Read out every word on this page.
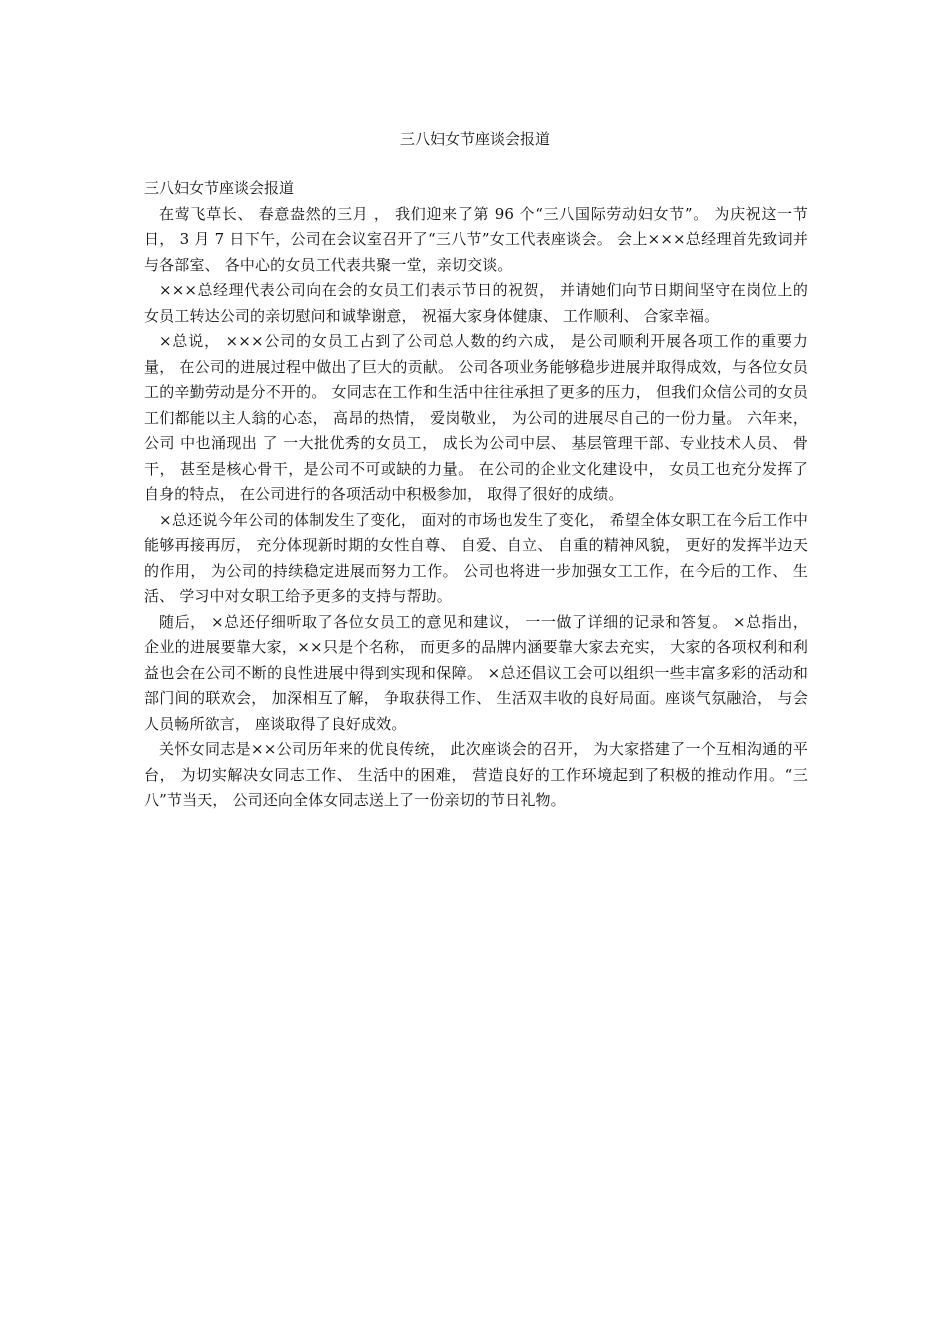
三八妇女节座谈会报道
三八妇女节座谈会报道

在莺飞草长、 春意盎然的三月 ， 我们迎来了第 96 个“三八国际劳动妇女节”。 为庆祝这一节日， 3 月 7 日下午，公司在会议室召开了“三八节”女工代表座谈会。 会上×××总经理首先致词并与各部室、 各中心的女员工代表共聚一堂，亲切交谈。

×××总经理代表公司向在会的女员工们表示节日的祝贺， 并请她们向节日期间坚守在岗位上的女员工转达公司的亲切慰问和诚挚谢意， 祝福大家身体健康、 工作顺利、 合家幸福。

×总说， ×××公司的女员工占到了公司总人数的约六成， 是公司顺利开展各项工作的重要力量， 在公司的进展过程中做出了巨大的贡献。 公司各项业务能够稳步进展并取得成效，与各位女员工的辛勤劳动是分不开的。 女同志在工作和生活中往往承担了更多的压力， 但我们众信公司的女员工们都能以主人翁的心态， 高昂的热情， 爱岗敬业， 为公司的进展尽自己的一份力量。 六年来，公司 中也涌现出 了 一大批优秀的女员工， 成长为公司中层、 基层管理干部、专业技术人员、 骨干， 甚至是核心骨干，是公司不可或缺的力量。 在公司的企业文化建设中， 女员工也充分发挥了自身的特点， 在公司进行的各项活动中积极参加， 取得了很好的成绩。

×总还说今年公司的体制发生了变化， 面对的市场也发生了变化， 希望全体女职工在今后工作中能够再接再厉， 充分体现新时期的女性自尊、 自爱、自立、 自重的精神风貌， 更好的发挥半边天的作用， 为公司的持续稳定进展而努力工作。 公司也将进一步加强女工工作，在今后的工作、 生活、 学习中对女职工给予更多的支持与帮助。

随后， ×总还仔细听取了各位女员工的意见和建议， 一一做了详细的记录和答复。 ×总指出， 企业的进展要靠大家，××只是个名称， 而更多的品牌内涵要靠大家去充实， 大家的各项权利和利益也会在公司不断的良性进展中得到实现和保障。 ×总还倡议工会可以组织一些丰富多彩的活动和部门间的联欢会， 加深相互了解， 争取获得工作、 生活双丰收的良好局面。座谈气氛融洽， 与会人员畅所欲言， 座谈取得了良好成效。

关怀女同志是××公司历年来的优良传统， 此次座谈会的召开， 为大家搭建了一个互相沟通的平台， 为切实解决女同志工作、 生活中的困难， 营造良好的工作环境起到了积极的推动作用。“三八”节当天， 公司还向全体女同志送上了一份亲切的节日礼物。
